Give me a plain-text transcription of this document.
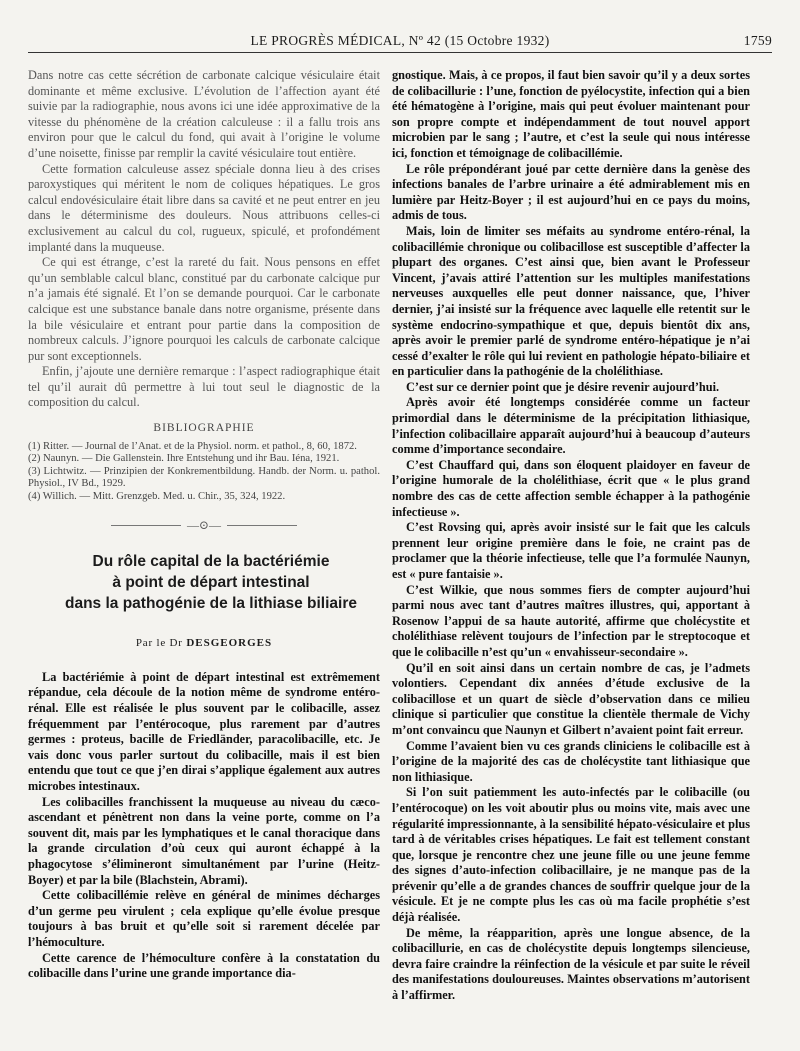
LE PROGRÈS MÉDICAL, Nº 42 (15 Octobre 1932)	1759

Dans notre cas cette sécrétion de carbonate calcique vésiculaire était dominante et même exclusive. L’évolution de l’affection ayant été suivie par la radiographie, nous avons ici une idée approximative de la vitesse du phénomène de la création calculeuse : il a fallu trois ans environ pour que le calcul du fond, qui avait à l’origine le volume d’une noisette, finisse par remplir la cavité vésiculaire tout entière.

Cette formation calculeuse assez spéciale donna lieu à des crises paroxystiques qui méritent le nom de coliques hépatiques. Le gros calcul endovésiculaire était libre dans sa cavité et ne peut entrer en jeu dans le déterminisme des douleurs. Nous attribuons celles-ci exclusivement au calcul du col, rugueux, spiculé, et profondément implanté dans la muqueuse.

Ce qui est étrange, c’est la rareté du fait. Nous pensons en effet qu’un semblable calcul blanc, constitué par du carbonate calcique pur n’a jamais été signalé. Et l’on se demande pourquoi. Car le carbonate calcique est une substance banale dans notre organisme, présente dans la bile vésiculaire et entrant pour partie dans la composition de nombreux calculs. J’ignore pourquoi les calculs de carbonate calcique pur sont exceptionnels.

Enfin, j’ajoute une dernière remarque : l’aspect radiographique était tel qu’il aurait dû permettre à lui tout seul le diagnostic de la composition du calcul.

BIBLIOGRAPHIE

(1) Ritter. — Journal de l’Anat. et de la Physiol. norm. et pathol., 8, 60, 1872.

(2) Naunyn. — Die Gallenstein. Ihre Entstehung und ihr Bau. Iéna, 1921.

(3) Lichtwitz. — Prinzipien der Konkrementbildung. Handb. der Norm. u. pathol. Physiol., IV Bd., 1929.

(4) Willich. — Mitt. Grenzgeb. Med. u. Chir., 35, 324, 1922.

—⊙—

Du rôle capital de la bactériémie

à point de départ intestinal

dans la pathogénie de la lithiase biliaire

Par le Dr DESGEORGES

La bactériémie à point de départ intestinal est extrêmement répandue, cela découle de la notion même de syndrome entéro-rénal. Elle est réalisée le plus souvent par le colibacille, assez fréquemment par l’entérocoque, plus rarement par d’autres germes : proteus, bacille de Friedländer, paracolibacille, etc. Je vais donc vous parler surtout du colibacille, mais il est bien entendu que tout ce que j’en dirai s’applique également aux autres microbes intestinaux.

Les colibacilles franchissent la muqueuse au niveau du cæco-ascendant et pénètrent non dans la veine porte, comme on l’a souvent dit, mais par les lymphatiques et le canal thoracique dans la grande circulation d’où ceux qui auront échappé à la phagocytose s’élimineront simultanément par l’urine (Heitz-Boyer) et par la bile (Blachstein, Abrami).

Cette colibacillémie relève en général de minimes décharges d’un germe peu virulent ; cela explique qu’elle évolue presque toujours à bas bruit et qu’elle soit si rarement décelée par l’hémoculture.

Cette carence de l’hémoculture confère à la constatation du colibacille dans l’urine une grande importance dia-

gnostique. Mais, à ce propos, il faut bien savoir qu’il y a deux sortes de colibacillurie : l’une, fonction de pyélocystite, infection qui a bien été hématogène à l’origine, mais qui peut évoluer maintenant pour son propre compte et indépendamment de tout nouvel apport microbien par le sang ; l’autre, et c’est la seule qui nous intéresse ici, fonction et témoignage de colibacillémie.

Le rôle prépondérant joué par cette dernière dans la genèse des infections banales de l’arbre urinaire a été admirablement mis en lumière par Heitz-Boyer ; il est aujourd’hui en ce pays du moins, admis de tous.

Mais, loin de limiter ses méfaits au syndrome entéro-rénal, la colibacillémie chronique ou colibacillose est susceptible d’affecter la plupart des organes. C’est ainsi que, bien avant le Professeur Vincent, j’avais attiré l’attention sur les multiples manifestations nerveuses auxquelles elle peut donner naissance, que, l’hiver dernier, j’ai insisté sur la fréquence avec laquelle elle retentit sur le système endocrino-sympathique et que, depuis bientôt dix ans, après avoir le premier parlé de syndrome entéro-hépatique je n’ai cessé d’exalter le rôle qui lui revient en pathologie hépato-biliaire et en particulier dans la pathogénie de la cholélithiase.

C’est sur ce dernier point que je désire revenir aujourd’hui.

Après avoir été longtemps considérée comme un facteur primordial dans le déterminisme de la précipitation lithiasique, l’infection colibacillaire apparaît aujourd’hui à beaucoup d’auteurs comme d’importance secondaire.

C’est Chauffard qui, dans son éloquent plaidoyer en faveur de l’origine humorale de la cholélithiase, écrit que « le plus grand nombre des cas de cette affection semble échapper à la pathogénie infectieuse ».

C’est Rovsing qui, après avoir insisté sur le fait que les calculs prennent leur origine première dans le foie, ne craint pas de proclamer que la théorie infectieuse, telle que l’a formulée Naunyn, est « pure fantaisie ».

C’est Wilkie, que nous sommes fiers de compter aujourd’hui parmi nous avec tant d’autres maîtres illustres, qui, apportant à Rosenow l’appui de sa haute autorité, affirme que cholécystite et cholélithiase relèvent toujours de l’infection par le streptocoque et que le colibacille n’est qu’un « envahisseur-secondaire ».

Qu’il en soit ainsi dans un certain nombre de cas, je l’admets volontiers. Cependant dix années d’étude exclusive de la colibacillose et un quart de siècle d’observation dans ce milieu clinique si particulier que constitue la clientèle thermale de Vichy m’ont convaincu que Naunyn et Gilbert n’avaient point fait erreur.

Comme l’avaient bien vu ces grands cliniciens le colibacille est à l’origine de la majorité des cas de cholécystite tant lithiasique que non lithiasique.

Si l’on suit patiemment les auto-infectés par le colibacille (ou l’entérocoque) on les voit aboutir plus ou moins vite, mais avec une régularité impressionnante, à la sensibilité hépato-vésiculaire et plus tard à de véritables crises hépatiques. Le fait est tellement constant que, lorsque je rencontre chez une jeune fille ou une jeune femme des signes d’auto-infection colibacillaire, je ne manque pas de la prévenir qu’elle a de grandes chances de souffrir quelque jour de la vésicule. Et je ne compte plus les cas où ma facile prophétie s’est déjà réalisée.

De même, la réapparition, après une longue absence, de la colibacillurie, en cas de cholécystite depuis longtemps silencieuse, devra faire craindre la réinfection de la vésicule et par suite le réveil des manifestations douloureuses. Maintes observations m’autorisent à l’affirmer.
